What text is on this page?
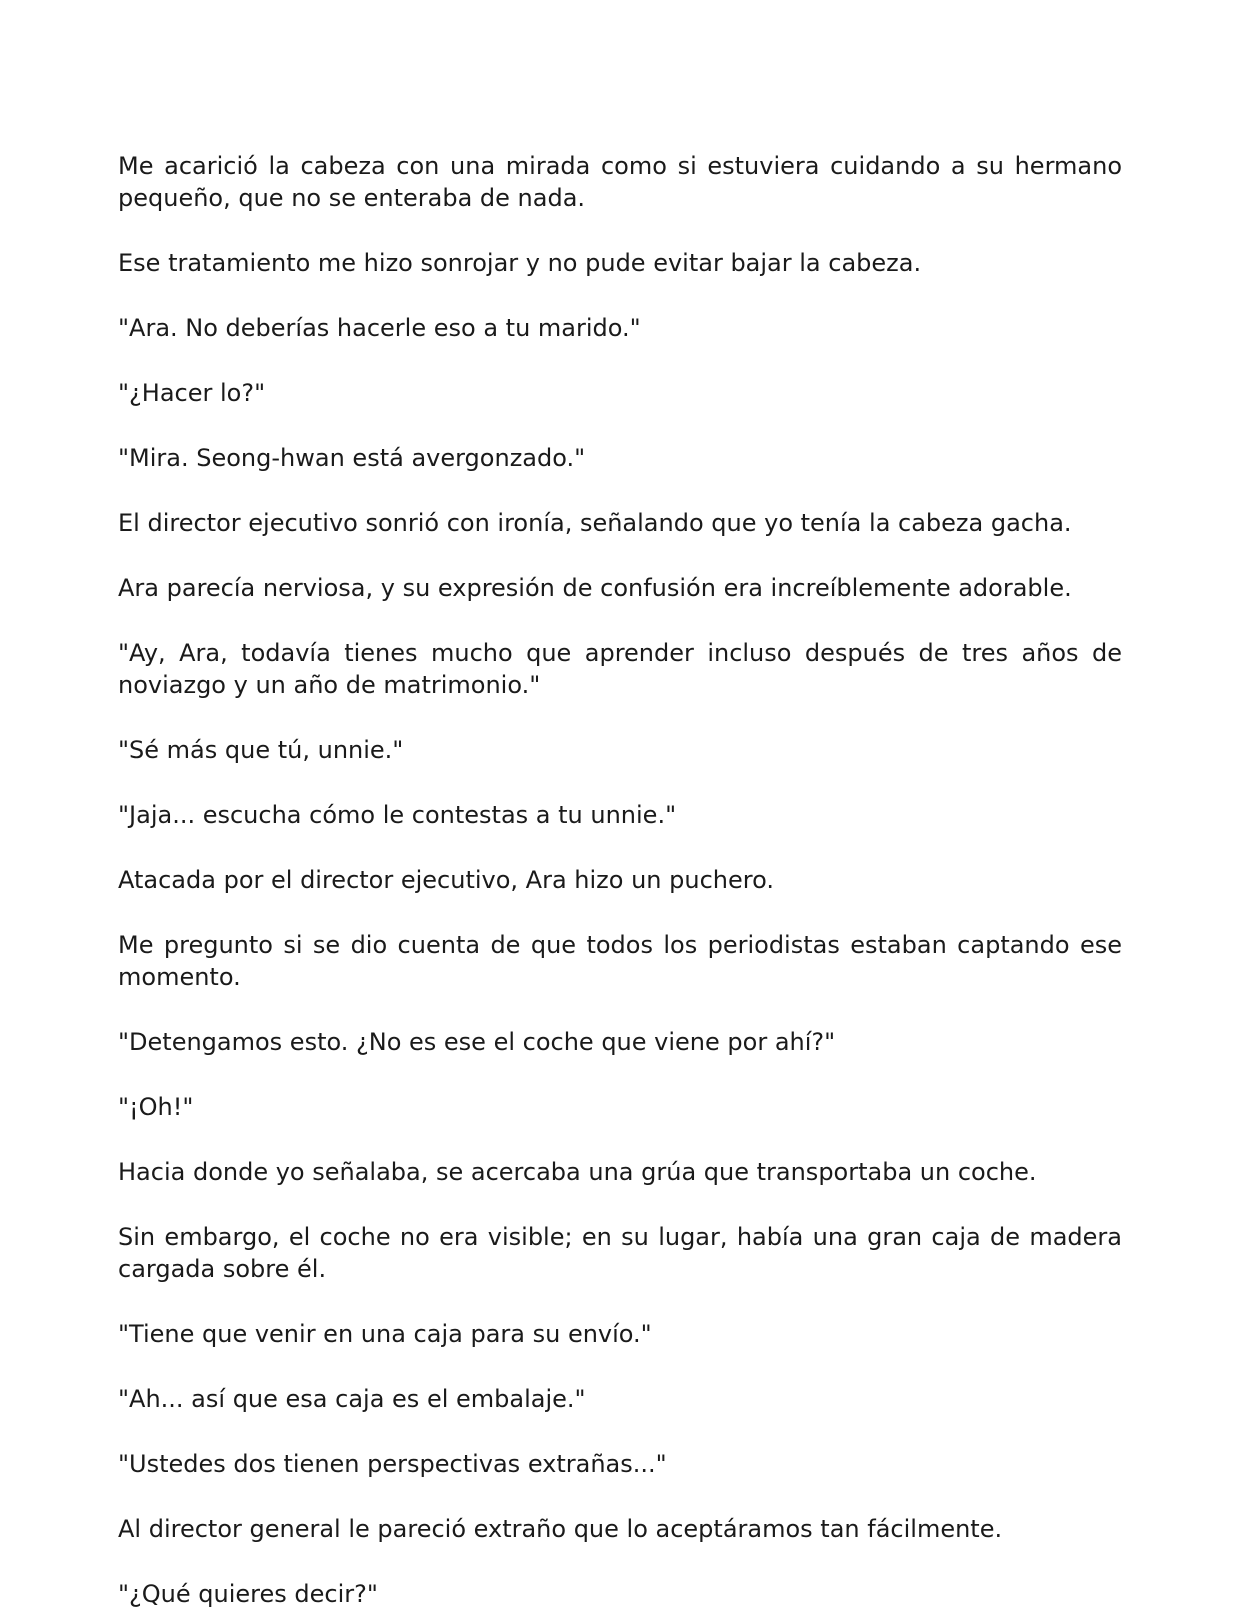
Me acarició la cabeza con una mirada como si estuviera cuidando a su hermano pequeño, que no se enteraba de nada.

Ese tratamiento me hizo sonrojar y no pude evitar bajar la cabeza.

"Ara. No deberías hacerle eso a tu marido."

"¿Hacer lo?"

"Mira. Seong-hwan está avergonzado."

El director ejecutivo sonrió con ironía, señalando que yo tenía la cabeza gacha.

Ara parecía nerviosa, y su expresión de confusión era increíblemente adorable.

"Ay, Ara, todavía tienes mucho que aprender incluso después de tres años de noviazgo y un año de matrimonio."

"Sé más que tú, unnie."

"Jaja... escucha cómo le contestas a tu unnie."

Atacada por el director ejecutivo, Ara hizo un puchero.

Me pregunto si se dio cuenta de que todos los periodistas estaban captando ese momento.

"Detengamos esto. ¿No es ese el coche que viene por ahí?"

"¡Oh!"

Hacia donde yo señalaba, se acercaba una grúa que transportaba un coche.

Sin embargo, el coche no era visible; en su lugar, había una gran caja de madera cargada sobre él.

"Tiene que venir en una caja para su envío."

"Ah... así que esa caja es el embalaje."

"Ustedes dos tienen perspectivas extrañas..."

Al director general le pareció extraño que lo aceptáramos tan fácilmente.

"¿Qué quieres decir?"
